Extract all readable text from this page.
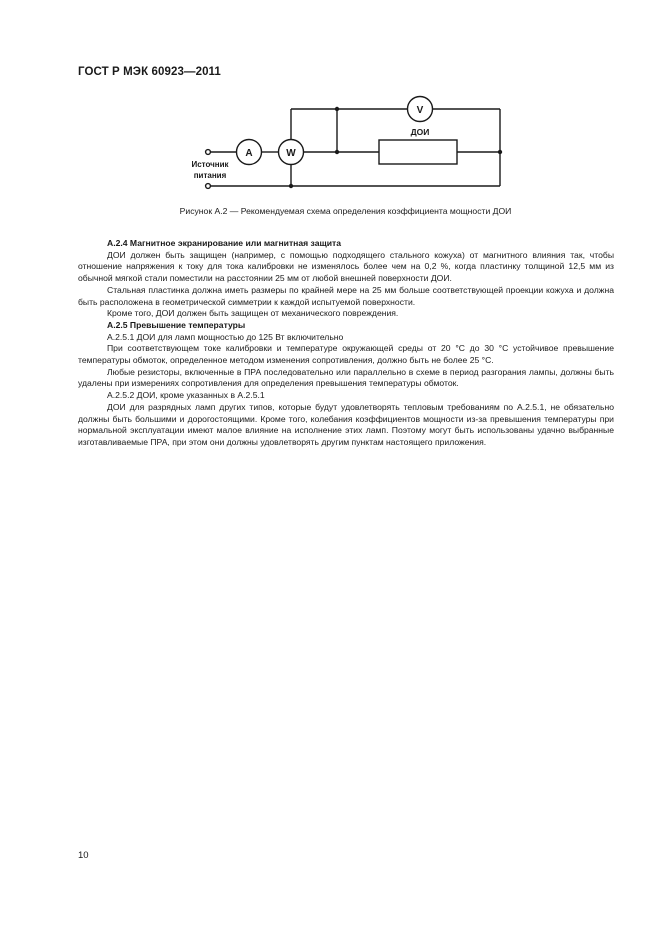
ГОСТ Р МЭК 60923—2011
A	W
V
ДОИ
Источник
питания
Рисунок А.2 — Рекомендуемая схема определения коэффициента мощности ДОИ

А.2.4 Магнитное экранирование или магнитная защита

ДОИ должен быть защищен (например, с помощью подходящего стального кожуха) от магнитного влияния так, чтобы отношение напряжения к току для тока калибровки не изменялось более чем на 0,2 %, когда пластинку толщиной 12,5 мм из обычной мягкой стали поместили на расстоянии 25 мм от любой внешней поверхности ДОИ.

Стальная пластинка должна иметь размеры по крайней мере на 25 мм больше соответствующей проекции кожуха и должна быть расположена в геометрической симметрии к каждой испытуемой поверхности.

Кроме того, ДОИ должен быть защищен от механического повреждения.

А.2.5 Превышение температуры

А.2.5.1 ДОИ для ламп мощностью до 125 Вт включительно

При соответствующем токе калибровки и температуре окружающей среды от 20 °С до 30 °С устойчивое превышение температуры обмоток, определенное методом изменения сопротивления, должно быть не более 25 °С.

Любые резисторы, включенные в ПРА последовательно или параллельно в схеме в период разгорания лампы, должны быть удалены при измерениях сопротивления для определения превышения температуры обмоток.

А.2.5.2 ДОИ, кроме указанных в А.2.5.1

ДОИ для разрядных ламп других типов, которые будут удовлетворять тепловым требованиям по А.2.5.1, не обязательно должны быть большими и дорогостоящими. Кроме того, колебания коэффициентов мощности из-за превышения температуры при нормальной эксплуатации имеют малое влияние на исполнение этих ламп. Поэтому могут быть использованы удачно выбранные изготавливаемые ПРА, при этом они должны удовлетворять другим пунктам настоящего приложения.

10
